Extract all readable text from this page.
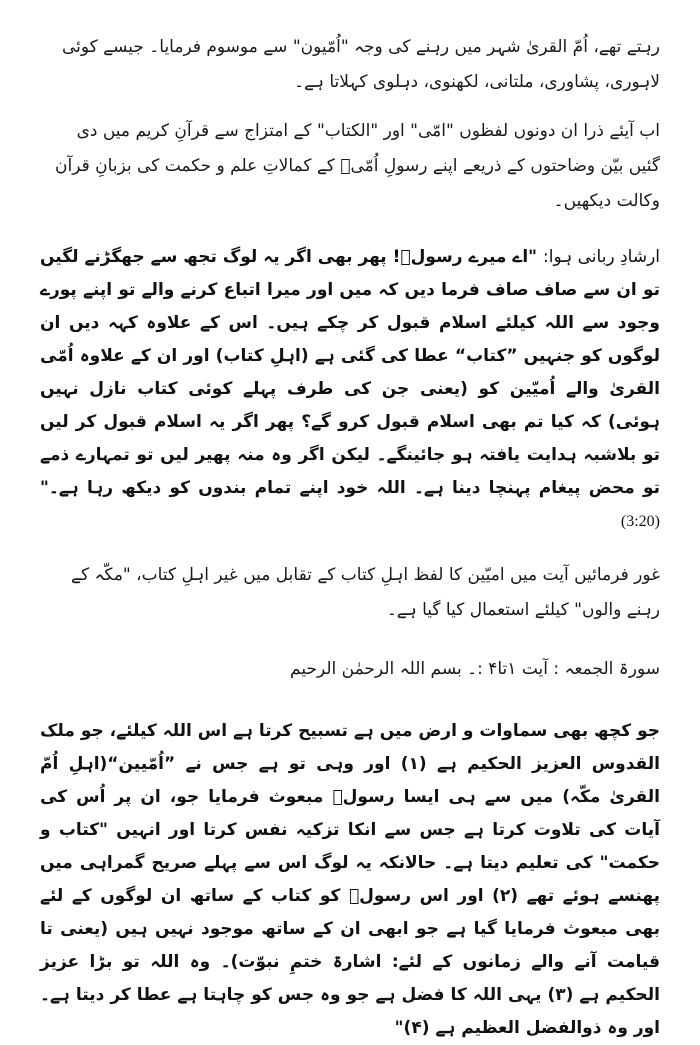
رہتے تھے، اُمّ القریٰ شہر میں رہنے کی وجہ "اُمّیون" سے موسوم فرمایا۔ جیسے کوئی لاہوری، پشاوری، ملتانی، لکھنوی، دہلوی کہلاتا ہے۔

اب آیئے ذرا ان دونوں لفظوں "امّی" اور "الکتاب" کے امتزاج سے قرآنِ کریم میں دی گئیں بیّن وضاحتوں کے ذریعے اپنے رسولِ اُمّیؐ کے کمالاتِ علم و حکمت کی بزبانِ قرآن وکالت دیکھیں۔

ارشادِ ربانی ہوا: "اے میرے رسولؐ! پھر بھی اگر یہ لوگ تجھ سے جھگڑنے لگیں تو ان سے صاف صاف فرما دیں کہ میں اور میرا اتباع کرنے والے تو اپنے پورے وجود سے اللہ کیلئے اسلام قبول کر چکے ہیں۔ اس کے علاوہ کہہ دیں ان لوگوں کو جنہیں ”کتاب“ عطا کی گئی ہے (اہلِ کتاب) اور ان کے علاوہ اُمّی القریٰ والے اُمیّین کو (یعنی جن کی طرف پہلے کوئی کتاب نازل نہیں ہوئی) کہ کیا تم بھی اسلام قبول کرو گے؟ پھر اگر یہ اسلام قبول کر لیں تو بلاشبہ ہدایت یافتہ ہو جائینگے۔ لیکن اگر وہ منہ پھیر لیں تو تمہارے ذمے تو محض پیغام پہنچا دینا ہے۔ اللہ خود اپنے تمام بندوں کو دیکھ رہا ہے۔" (3:20)

غور فرمائیں آیت میں امیّین کا لفظ اہلِ کتاب کے تقابل میں غیر اہلِ کتاب، "مکّہ کے رہنے والوں" کیلئے استعمال کیا گیا ہے۔

سورۃ الجمعہ : آیت ۱تا۴ :۔ بسم اللہ الرحمٰن الرحیم

جو کچھ بھی سماوات و ارض میں ہے تسبیح کرتا ہے اس اللہ کیلئے، جو ملک القدوس العزیز الحکیم ہے (۱) اور وہی تو ہے جس نے ”اُمّیین“(اہلِ اُمّ القریٰ مکّہ) میں سے ہی ایسا رسولؐ مبعوث فرمایا جو، ان پر اُس کی آیات کی تلاوت کرتا ہے جس سے انکا تزکیہ نفس کرتا اور انہیں "کتاب و حکمت" کی تعلیم دیتا ہے۔ حالانکہ یہ لوگ اس سے پہلے صریح گمراہی میں پھنسے ہوئے تھے (۲) اور اس رسولؐ کو کتاب کے ساتھ ان لوگوں کے لئے بھی مبعوث فرمایا گیا ہے جو ابھی ان کے ساتھ موجود نہیں ہیں (یعنی تا قیامت آنے والے زمانوں کے لئے: اشارۃ ختمِ نبوّت)۔ وہ اللہ تو بڑا عزیز الحکیم ہے (۳) یہی اللہ کا فضل ہے جو وہ جس کو چاہتا ہے عطا کر دیتا ہے۔ اور وہ ذوالفضل العظیم ہے (۴)"
